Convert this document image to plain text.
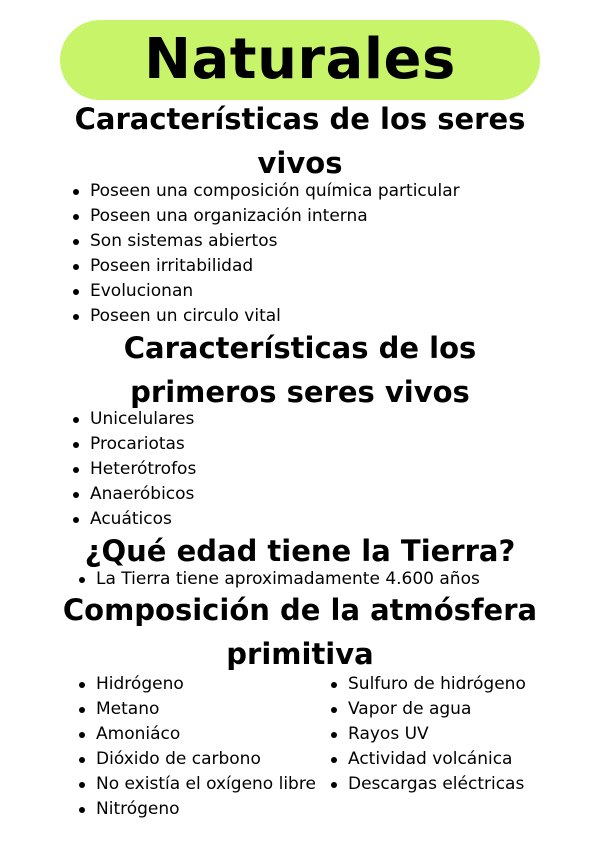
Naturales
Características de los seres vivos
Poseen una composición química particular
Poseen una organización interna
Son sistemas abiertos
Poseen irritabilidad
Evolucionan
Poseen un circulo vital
Características de los primeros seres vivos
Unicelulares
Procariotas
Heterótrofos
Anaeróbicos
Acuáticos
¿Qué edad tiene la Tierra?
La Tierra tiene aproximadamente 4.600 años
Composición de la atmósfera primitiva
Hidrógeno
Metano
Amoniáco
Dióxido de carbono
No existía el oxígeno libre
Nitrógeno
Sulfuro de hidrógeno
Vapor de agua
Rayos UV
Actividad volcánica
Descargas eléctricas
